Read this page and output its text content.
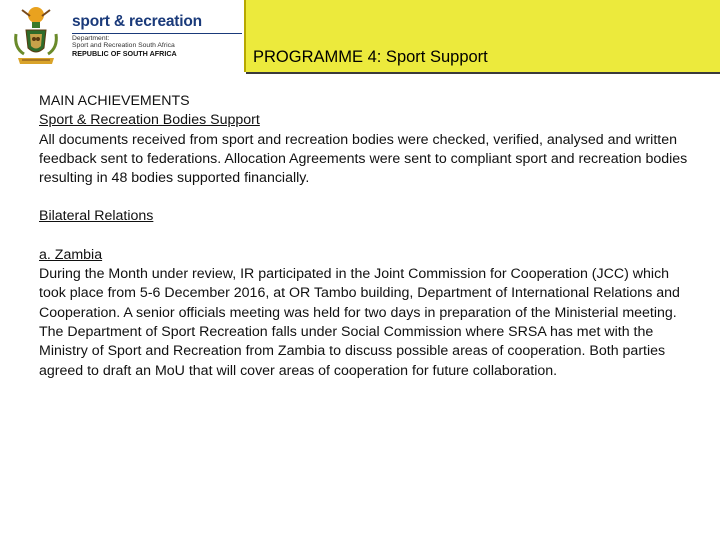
sport & recreation
Department:
Sport and Recreation South Africa
REPUBLIC OF SOUTH AFRICA	PROGRAMME 4: Sport Support

MAIN ACHIEVEMENTS

Sport & Recreation Bodies Support

All documents received from sport and recreation bodies were checked, verified, analysed and written feedback sent to federations. Allocation Agreements were sent to compliant sport and recreation bodies resulting in 48 bodies supported financially.

Bilateral Relations

a. Zambia

During the Month under review, IR participated in the Joint Commission for Cooperation (JCC) which took place from 5-6 December 2016, at OR Tambo building, Department of International Relations and Cooperation. A senior officials meeting was held for two days in preparation of the Ministerial meeting. The Department of Sport Recreation falls under Social Commission where SRSA has met with the Ministry of Sport and Recreation from Zambia to discuss possible areas of cooperation. Both parties agreed to draft an MoU that will cover areas of cooperation for future collaboration.
